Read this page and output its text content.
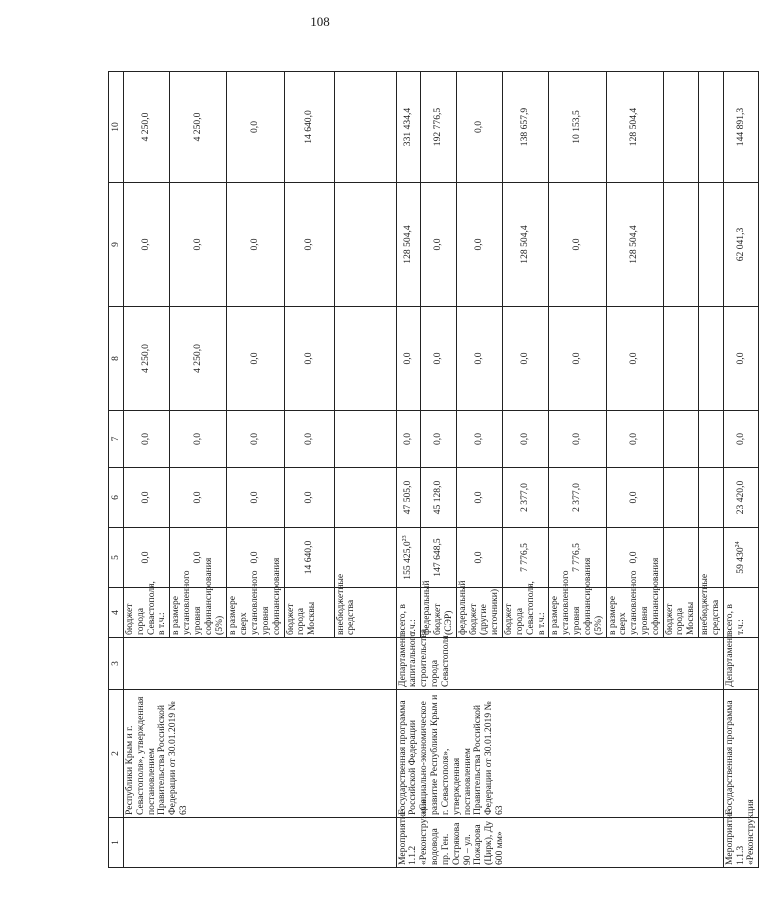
108
1	2	3	4	5	6	7	8	9	10
	Республики Крым и г. Севастополя», утвержденная постановлением Правительства Российской Федерации от 30.01.2019 № 63		бюджет города Севастополя, в т.ч.:	0,0	0,0	0,0	4 250,0	0,0	4 250,0
			в размере установленного уровня софинансирования (5%)	0,0	0,0	0,0	4 250,0	0,0	4 250,0
			в размере сверх установленного уровня софинансирования	0,0	0,0	0,0	0,0	0,0	0,0
			бюджет города Москвы	14 640,0	0,0	0,0	0,0	0,0	14 640,0
			внебюджетные средства						
Мероприятие 1.1.2 «Реконструкция водовода пр. Ген. Острякова 90 – ул. Пожарова (Цирк), Ду 600 мм»	Государственная программа Российской Федерации «Социально-экономическое развитие Республики Крым и г. Севастополя», утвержденная постановлением Правительства Российской Федерации от 30.01.2019 № 63	Департамент капитального строительства города Севастополя	всего, в т.ч.:	155 425,0$^{23}$	47 505,0	0,0	0,0	128 504,4	331 434,4
			федеральный бюджет (СЭР)	147 648,5	45 128,0	0,0	0,0	0,0	192 776,5
			федеральный бюджет (другие источники)	0,0	0,0	0,0	0,0	0,0	0,0
			бюджет города Севастополя, в т.ч.:	7 776,5	2 377,0	0,0	0,0	128 504,4	138 657,9
			в размере установленного уровня софинансирования (5%)	7 776,5	2 377,0	0,0	0,0	0,0	10 153,5
			в размере сверх установленного уровня софинансирования	0,0	0,0	0,0	0,0	128 504,4	128 504,4
			бюджет города Москвы						
			внебюджетные средства						
Мероприятие 1.1.3 «Реконструкция	Государственная программа	Департамент	всего, в т.ч.:	59 $430^{24}$	23 420,0	0,0	0,0	62 041,3	144 891,3
